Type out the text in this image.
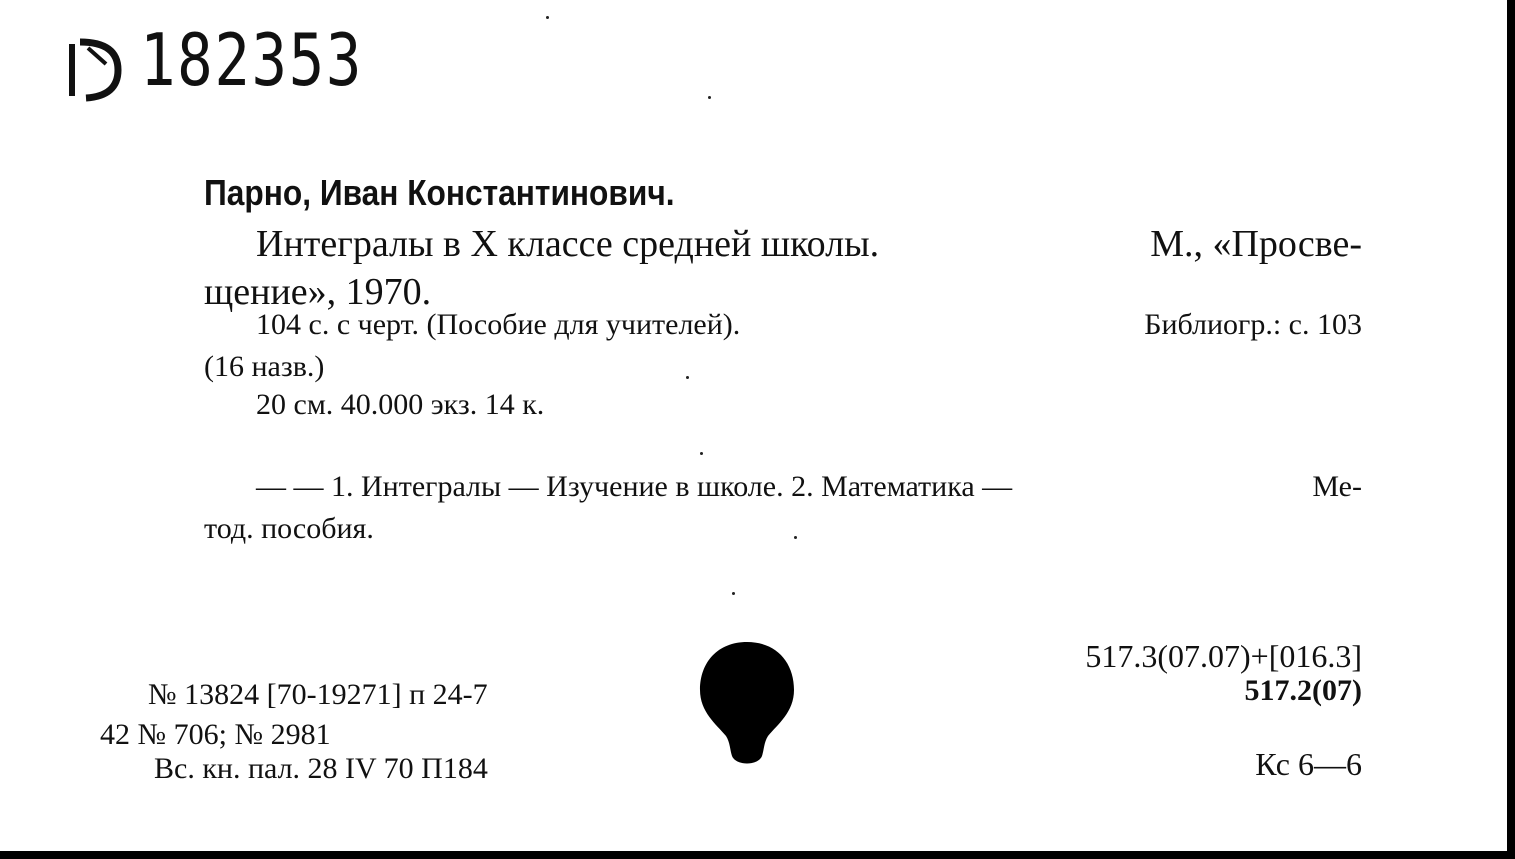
182353
Парно, Иван Константинович.
Интегралы в X классе средней школы.	М., «Просве-
щение», 1970.
104 с. с черт. (Пособие для учителей).	Библиогр.: с. 103
(16 назв.)
20 см. 40.000 экз. 14 к.
— — 1. Интегралы — Изучение в школе. 2. Математика —	Ме-
тод. пособия.
517.3(07.07)+[016.3]
517.2(07)
Кс 6—6
№ 13824 [70-19271] п 24-7
42 № 706; № 2981
Вс. кн. пал. 28 IV 70 П184
